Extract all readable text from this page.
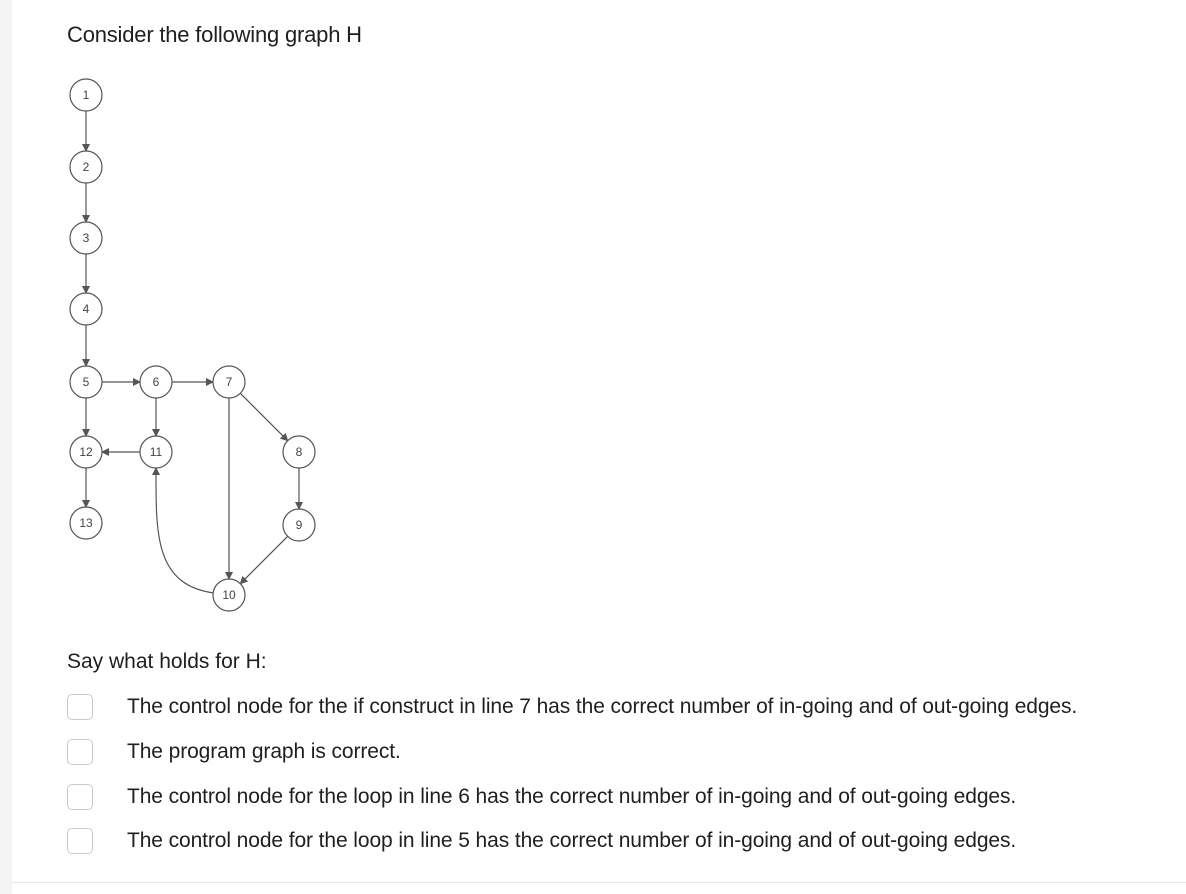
Consider the following graph H
1
2
3
4
5	6	7
8
9
10
11
12
13
Say what holds for H:
The control node for the if construct in line 7 has the correct number of in-going and of out-going edges.
The program graph is correct.
The control node for the loop in line 6 has the correct number of in-going and of out-going edges.
The control node for the loop in line 5 has the correct number of in-going and of out-going edges.
